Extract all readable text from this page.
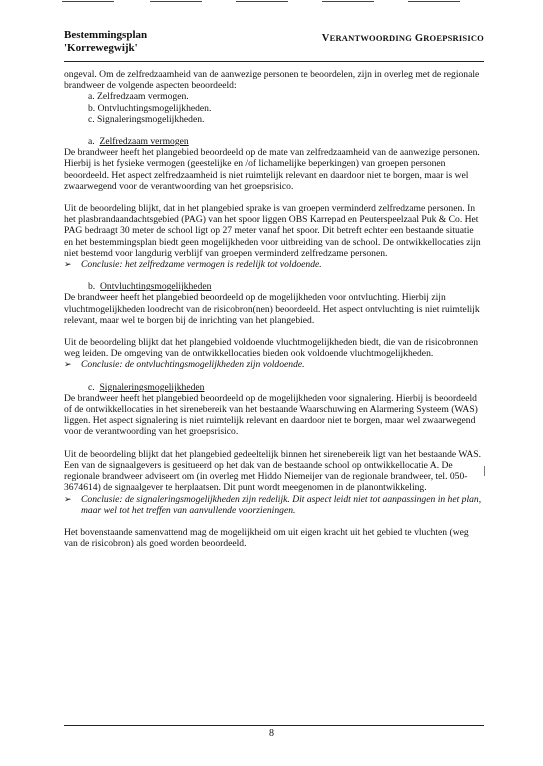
Bestemmingsplan
'Korrewegwijk'
VERANTWOORDING GROEPSRISICO

ongeval. Om de zelfredzaamheid van de aanwezige personen te beoordelen, zijn in overleg met de regionale brandweer de volgende aspecten beoordeeld:

a. Zelfredzaam vermogen.
b. Ontvluchtingsmogelijkheden.
c. Signaleringsmogelijkheden.

a. Zelfredzaam vermogen

De brandweer heeft het plangebied beoordeeld op de mate van zelfredzaamheid van de aanwezige personen. Hierbij is het fysieke vermogen (geestelijke en /of lichamelijke beperkingen) van groepen personen beoordeeld. Het aspect zelfredzaamheid is niet ruimtelijk relevant en daardoor niet te borgen, maar is wel zwaarwegend voor de verantwoording van het groepsrisico.

Uit de beoordeling blijkt, dat in het plangebied sprake is van groepen verminderd zelfredzame personen. In het plasbrandaandachtsgebied (PAG) van het spoor liggen OBS Karrepad en Peuterspeelzaal Puk & Co. Het PAG bedraagt 30 meter de school ligt op 27 meter vanaf het spoor. Dit betreft echter een bestaande situatie en het bestemmingsplan biedt geen mogelijkheden voor uitbreiding van de school. De ontwikkellocaties zijn niet bestemd voor langdurig verblijf van groepen verminderd zelfredzame personen.

➢ Conclusie: het zelfredzame vermogen is redelijk tot voldoende.

b. Ontvluchtingsmogelijkheden

De brandweer heeft het plangebied beoordeeld op de mogelijkheden voor ontvluchting. Hierbij zijn vluchtmogelijkheden loodrecht van de risicobron(nen) beoordeeld. Het aspect ontvluchting is niet ruimtelijk relevant, maar wel te borgen bij de inrichting van het plangebied.

Uit de beoordeling blijkt dat het plangebied voldoende vluchtmogelijkheden biedt, die van de risicobronnen weg leiden. De omgeving van de ontwikkellocaties bieden ook voldoende vluchtmogelijkheden.

➢ Conclusie: de ontvluchtingsmogelijkheden zijn voldoende.

c. Signaleringsmogelijkheden

De brandweer heeft het plangebied beoordeeld op de mogelijkheden voor signalering. Hierbij is beoordeeld of de ontwikkellocaties in het sirenebereik van het bestaande Waarschuwing en Alarmering Systeem (WAS) liggen. Het aspect signalering is niet ruimtelijk relevant en daardoor niet te borgen, maar wel zwaarwegend voor de verantwoording van het groepsrisico.

Uit de beoordeling blijkt dat het plangebied gedeeltelijk binnen het sirenebereik ligt van het bestaande WAS. Een van de signaalgevers is gesitueerd op het dak van de bestaande school op ontwikkellocatie A. De regionale brandweer adviseert om (in overleg met Hiddo Niemeijer van de regionale brandweer, tel. 050-3674614) de signaalgever te herplaatsen. Dit punt wordt meegenomen in de planontwikkeling.

➢ Conclusie: de signaleringsmogelijkheden zijn redelijk. Dit aspect leidt niet tot aanpassingen in het plan, maar wel tot het treffen van aanvullende voorzieningen.

Het bovenstaande samenvattend mag de mogelijkheid om uit eigen kracht uit het gebied te vluchten (weg van de risicobron) als goed worden beoordeeld.

8
